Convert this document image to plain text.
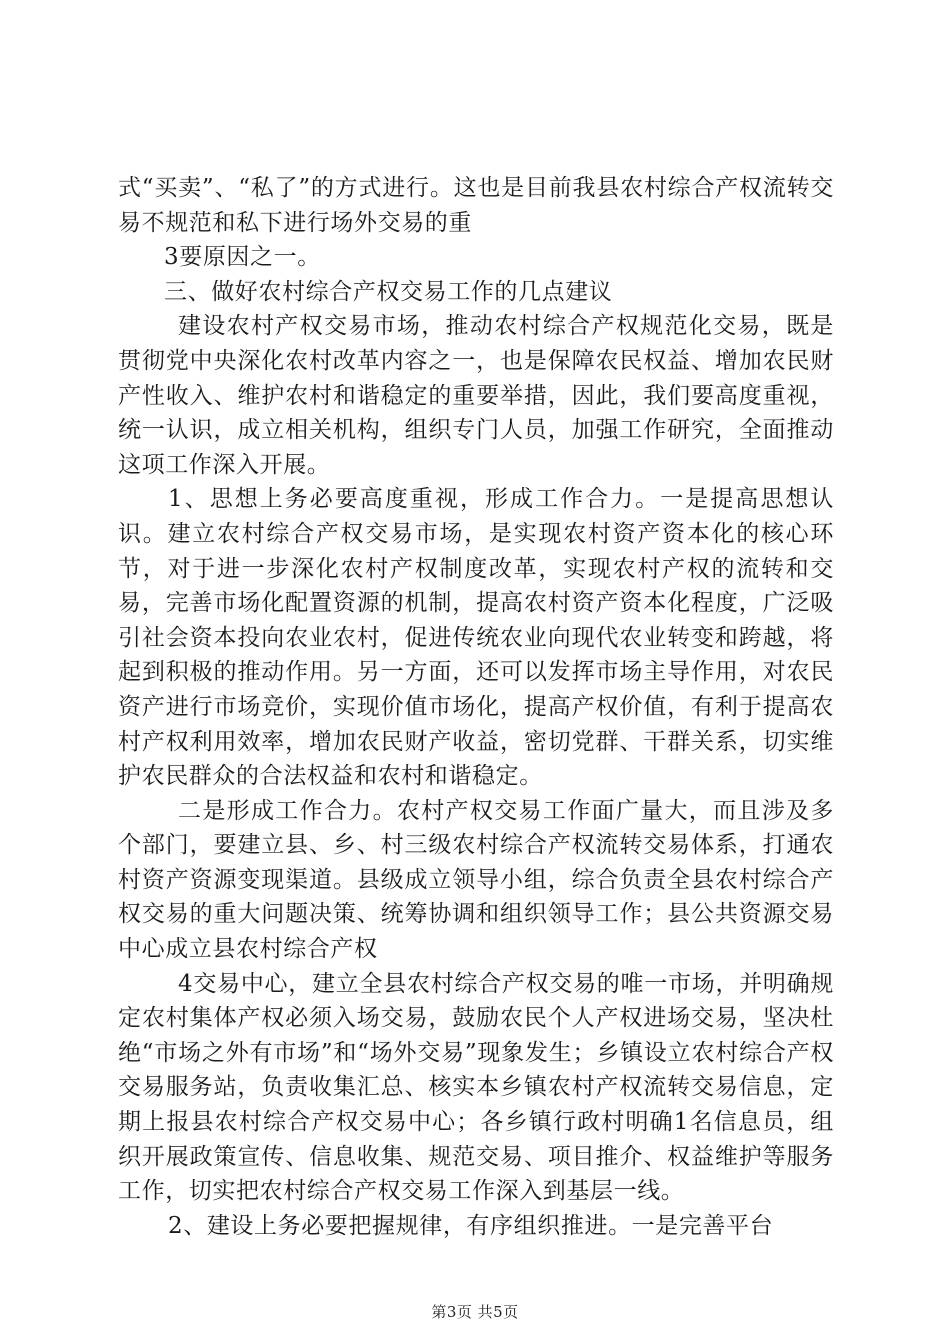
式“买卖”、“私了”的方式进行。这也是目前我县农村综合产权流转交易不规范和私下进行场外交易的重

3要原因之一。

三、做好农村综合产权交易工作的几点建议

建设农村产权交易市场，推动农村综合产权规范化交易，既是贯彻党中央深化农村改革内容之一，也是保障农民权益、增加农民财产性收入、维护农村和谐稳定的重要举措，因此，我们要高度重视，统一认识，成立相关机构，组织专门人员，加强工作研究，全面推动这项工作深入开展。

1、思想上务必要高度重视，形成工作合力。一是提高思想认识。建立农村综合产权交易市场，是实现农村资产资本化的核心环节，对于进一步深化农村产权制度改革，实现农村产权的流转和交易，完善市场化配置资源的机制，提高农村资产资本化程度，广泛吸引社会资本投向农业农村，促进传统农业向现代农业转变和跨越，将起到积极的推动作用。另一方面，还可以发挥市场主导作用，对农民资产进行市场竞价，实现价值市场化，提高产权价值，有利于提高农村产权利用效率，增加农民财产收益，密切党群、干群关系，切实维护农民群众的合法权益和农村和谐稳定。

二是形成工作合力。农村产权交易工作面广量大，而且涉及多个部门，要建立县、乡、村三级农村综合产权流转交易体系，打通农村资产资源变现渠道。县级成立领导小组，综合负责全县农村综合产权交易的重大问题决策、统筹协调和组织领导工作；县公共资源交易中心成立县农村综合产权

4交易中心，建立全县农村综合产权交易的唯一市场，并明确规定农村集体产权必须入场交易，鼓励农民个人产权进场交易，坚决杜绝“市场之外有市场”和“场外交易”现象发生；乡镇设立农村综合产权交易服务站，负责收集汇总、核实本乡镇农村产权流转交易信息，定期上报县农村综合产权交易中心；各乡镇行政村明确1名信息员，组织开展政策宣传、信息收集、规范交易、项目推介、权益维护等服务工作，切实把农村综合产权交易工作深入到基层一线。

2、建设上务必要把握规律，有序组织推进。一是完善平台

第3页 共5页
